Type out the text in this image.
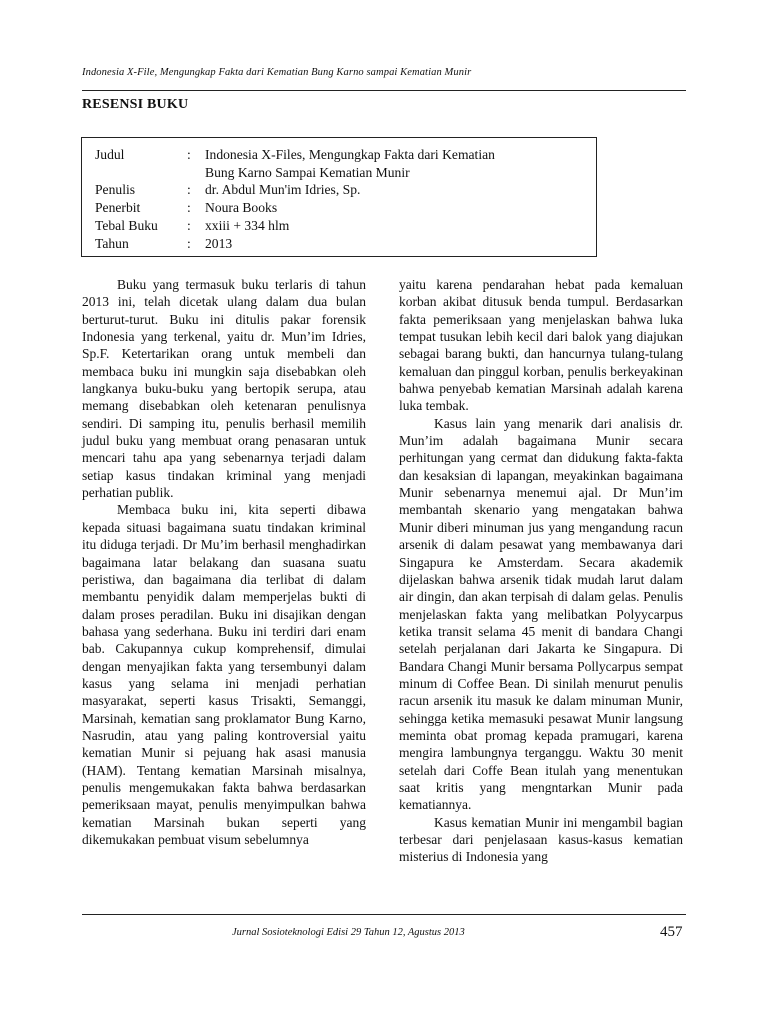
Indonesia X-File, Mengungkap Fakta dari Kematian Bung Karno sampai Kematian Munir
RESENSI BUKU
Judul	: Indonesia X-Files, Mengungkap Fakta dari Kematian
Bung Karno Sampai Kematian Munir
Penulis	: dr. Abdul Mun'im Idries, Sp.
Penerbit	: Noura Books
Tebal Buku	: xxiii + 334 hlm
Tahun	: 2013

Buku yang termasuk buku terlaris di tahun 2013 ini, telah dicetak ulang dalam dua bulan berturut-turut. Buku ini ditulis pakar forensik Indonesia yang terkenal, yaitu dr. Mun’im Idries, Sp.F. Ketertarikan orang untuk membeli dan membaca buku ini mungkin saja disebabkan oleh langkanya buku-buku yang bertopik serupa, atau memang disebabkan oleh ketenaran penulisnya sendiri. Di samping itu, penulis berhasil memilih judul buku yang membuat orang penasaran untuk mencari tahu apa yang sebenarnya terjadi dalam setiap kasus tindakan kriminal yang menjadi perhatian publik.

Membaca buku ini, kita seperti dibawa kepada situasi bagaimana suatu tindakan kriminal itu diduga terjadi. Dr Mu’im berhasil menghadirkan bagaimana latar belakang dan suasana suatu peristiwa, dan bagaimana dia terlibat di dalam membantu penyidik dalam memperjelas bukti di dalam proses peradilan. Buku ini disajikan dengan bahasa yang sederhana. Buku ini terdiri dari enam bab. Cakupannya cukup komprehensif, dimulai dengan menyajikan fakta yang tersembunyi dalam kasus yang selama ini menjadi perhatian masyarakat, seperti kasus Trisakti, Semanggi, Marsinah, kematian sang proklamator Bung Karno, Nasrudin, atau yang paling kontroversial yaitu kematian Munir si pejuang hak asasi manusia (HAM). Tentang kematian Marsinah misalnya, penulis mengemukakan fakta bahwa berdasarkan pemeriksaan mayat, penulis menyimpulkan bahwa kematian Marsinah bukan seperti yang dikemukakan pembuat visum sebelumnya

yaitu karena pendarahan hebat pada kemaluan korban akibat ditusuk benda tumpul. Berdasarkan fakta pemeriksaan yang menjelaskan bahwa luka tempat tusukan lebih kecil dari balok yang diajukan sebagai barang bukti, dan hancurnya tulang-tulang kemaluan dan pinggul korban, penulis berkeyakinan bahwa penyebab kematian Marsinah adalah karena luka tembak.

Kasus lain yang menarik dari analisis dr. Mun’im adalah bagaimana Munir secara perhitungan yang cermat dan didukung fakta-fakta dan kesaksian di lapangan, meyakinkan bagaimana Munir sebenarnya menemui ajal. Dr Mun’im membantah skenario yang mengatakan bahwa Munir diberi minuman jus yang mengandung racun arsenik di dalam pesawat yang membawanya dari Singapura ke Amsterdam. Secara akademik dijelaskan bahwa arsenik tidak mudah larut dalam air dingin, dan akan terpisah di dalam gelas. Penulis menjelaskan fakta yang melibatkan Polyycarpus ketika transit selama 45 menit di bandara Changi setelah perjalanan dari Jakarta ke Singapura. Di Bandara Changi Munir bersama Pollycarpus sempat minum di Coffee Bean. Di sinilah menurut penulis racun arsenik itu masuk ke dalam minuman Munir, sehingga ketika memasuki pesawat Munir langsung meminta obat promag kepada pramugari, karena mengira lambungnya terganggu. Waktu 30 menit setelah dari Coffe Bean itulah yang menentukan saat kritis yang mengntarkan Munir pada kematiannya.

Kasus kematian Munir ini mengambil bagian terbesar dari penjelasaan kasus-kasus kematian misterius di Indonesia yang

Jurnal Sosioteknologi Edisi 29 Tahun 12, Agustus 2013	457
